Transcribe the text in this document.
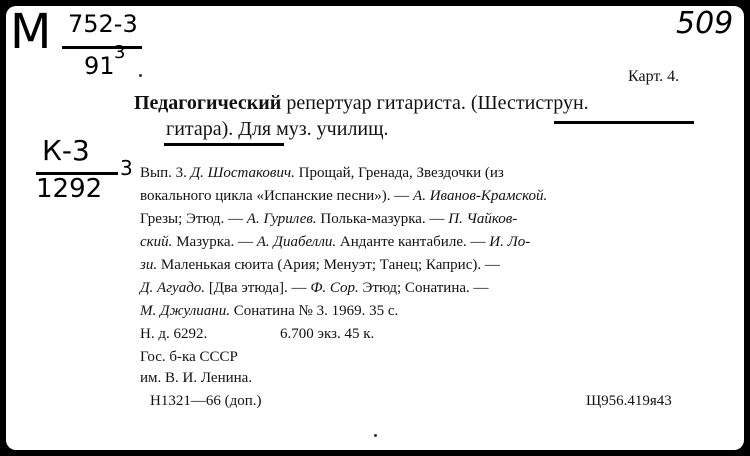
М 752-3
91 3
509
К-3
1292
3
Карт. 4.
Педагогический репертуар гитариста. (Шестиструн.
гитара). Для муз. училищ.
Вып. 3. Д. Шостакович. Прощай, Гренада, Звездочки (из
вокального цикла «Испанские песни»). — А. Иванов-Крамской.
Грезы; Этюд. — А. Гурилев. Полька-мазурка. — П. Чайков-
ский. Мазурка. — А. Диабелли. Анданте кантабиле. — И. Ло-
зи. Маленькая сюита (Ария; Менуэт; Танец; Каприс). —
Д. Агуадо. [Два этюда]. — Ф. Сор. Этюд; Сонатина. —
М. Джулиани. Сонатина № 3. 1969. 35 с.
Н. д. 6292.	6.700 экз. 45 к.
Гос. б-ка СССР
им. В. И. Ленина.
Н1321—66 (доп.)	Щ956.419я43
